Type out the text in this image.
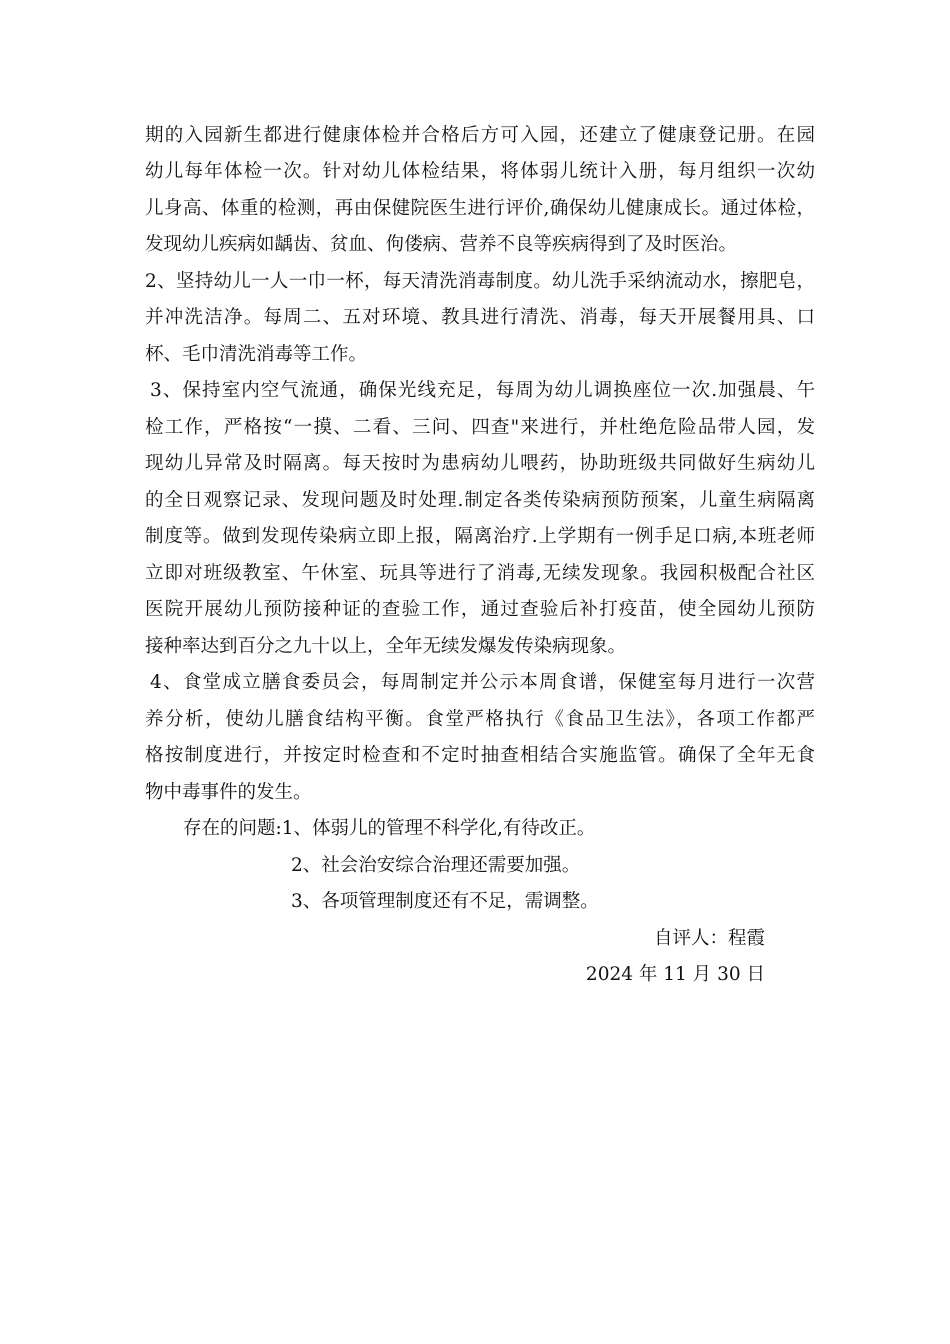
期的入园新生都进行健康体检并合格后方可入园，还建立了健康登记册。在园
幼儿每年体检一次。针对幼儿体检结果，将体弱儿统计入册，每月组织一次幼
儿身高、体重的检测，再由保健院医生进行评价,确保幼儿健康成长。通过体检，
发现幼儿疾病如龋齿、贫血、佝偻病、营养不良等疾病得到了及时医治。
2、坚持幼儿一人一巾一杯，每天清洗消毒制度。幼儿洗手采纳流动水，擦肥皂，
并冲洗洁净。每周二、五对环境、教具进行清洗、消毒，每天开展餐用具、口
杯、毛巾清洗消毒等工作。
3、保持室内空气流通，确保光线充足，每周为幼儿调换座位一次.加强晨、午
检工作，严格按“一摸、二看、三问、四查"来进行，并杜绝危险品带人园，发
现幼儿异常及时隔离。每天按时为患病幼儿喂药，协助班级共同做好生病幼儿
的全日观察记录、发现问题及时处理.制定各类传染病预防预案，儿童生病隔离
制度等。做到发现传染病立即上报，隔离治疗.上学期有一例手足口病,本班老师
立即对班级教室、午休室、玩具等进行了消毒,无续发现象。我园积极配合社区
医院开展幼儿预防接种证的查验工作，通过查验后补打疫苗，使全园幼儿预防
接种率达到百分之九十以上，全年无续发爆发传染病现象。
4、食堂成立膳食委员会，每周制定并公示本周食谱，保健室每月进行一次营
养分析，使幼儿膳食结构平衡。食堂严格执行《食品卫生法》，各项工作都严
格按制度进行，并按定时检查和不定时抽查相结合实施监管。确保了全年无食
物中毒事件的发生。
存在的问题:1、体弱儿的管理不科学化,有待改正。
2、社会治安综合治理还需要加强。
3、各项管理制度还有不足，需调整。
自评人：程霞
2024 年 11 月 30 日
